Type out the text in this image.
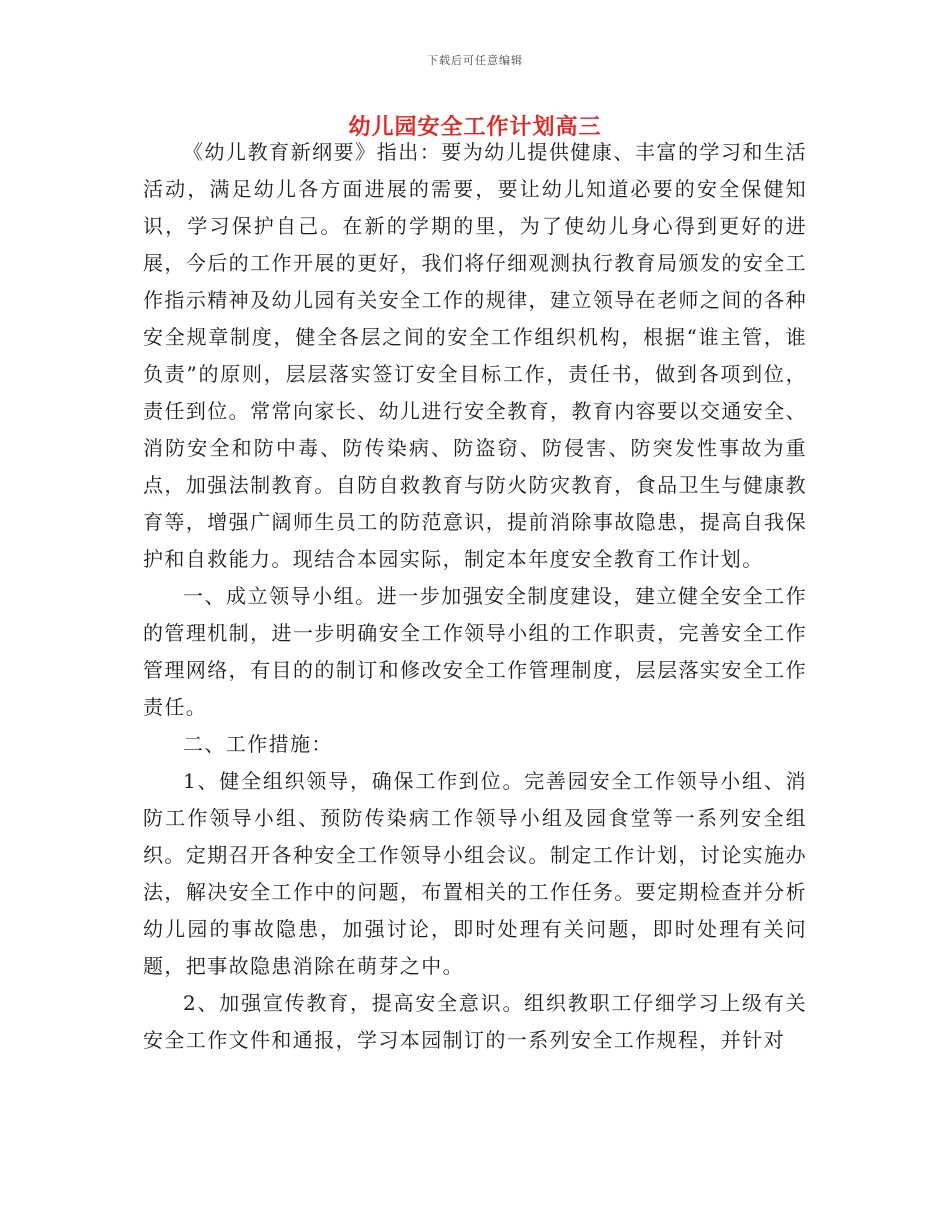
下载后可任意编辑
幼儿园安全工作计划高三

《幼儿教育新纲要》指出：要为幼儿提供健康、丰富的学习和生活活动，满足幼儿各方面进展的需要，要让幼儿知道必要的安全保健知识，学习保护自己。在新的学期的里，为了使幼儿身心得到更好的进展，今后的工作开展的更好，我们将仔细观测执行教育局颁发的安全工作指示精神及幼儿园有关安全工作的规律，建立领导在老师之间的各种安全规章制度，健全各层之间的安全工作组织机构，根据“谁主管，谁负责”的原则，层层落实签订安全目标工作，责任书，做到各项到位，责任到位。常常向家长、幼儿进行安全教育，教育内容要以交通安全、消防安全和防中毒、防传染病、防盗窃、防侵害、防突发性事故为重点，加强法制教育。自防自救教育与防火防灾教育，食品卫生与健康教育等，增强广阔师生员工的防范意识，提前消除事故隐患，提高自我保护和自救能力。现结合本园实际，制定本年度安全教育工作计划。

一、成立领导小组。进一步加强安全制度建设，建立健全安全工作的管理机制，进一步明确安全工作领导小组的工作职责，完善安全工作管理网络，有目的的制订和修改安全工作管理制度，层层落实安全工作责任。

二、工作措施：

1、健全组织领导，确保工作到位。完善园安全工作领导小组、消防工作领导小组、预防传染病工作领导小组及园食堂等一系列安全组织。定期召开各种安全工作领导小组会议。制定工作计划，讨论实施办法，解决安全工作中的问题，布置相关的工作任务。要定期检查并分析幼儿园的事故隐患，加强讨论，即时处理有关问题，即时处理有关问题，把事故隐患消除在萌芽之中。

2、加强宣传教育，提高安全意识。组织教职工仔细学习上级有关安全工作文件和通报，学习本园制订的一系列安全工作规程，并针对
